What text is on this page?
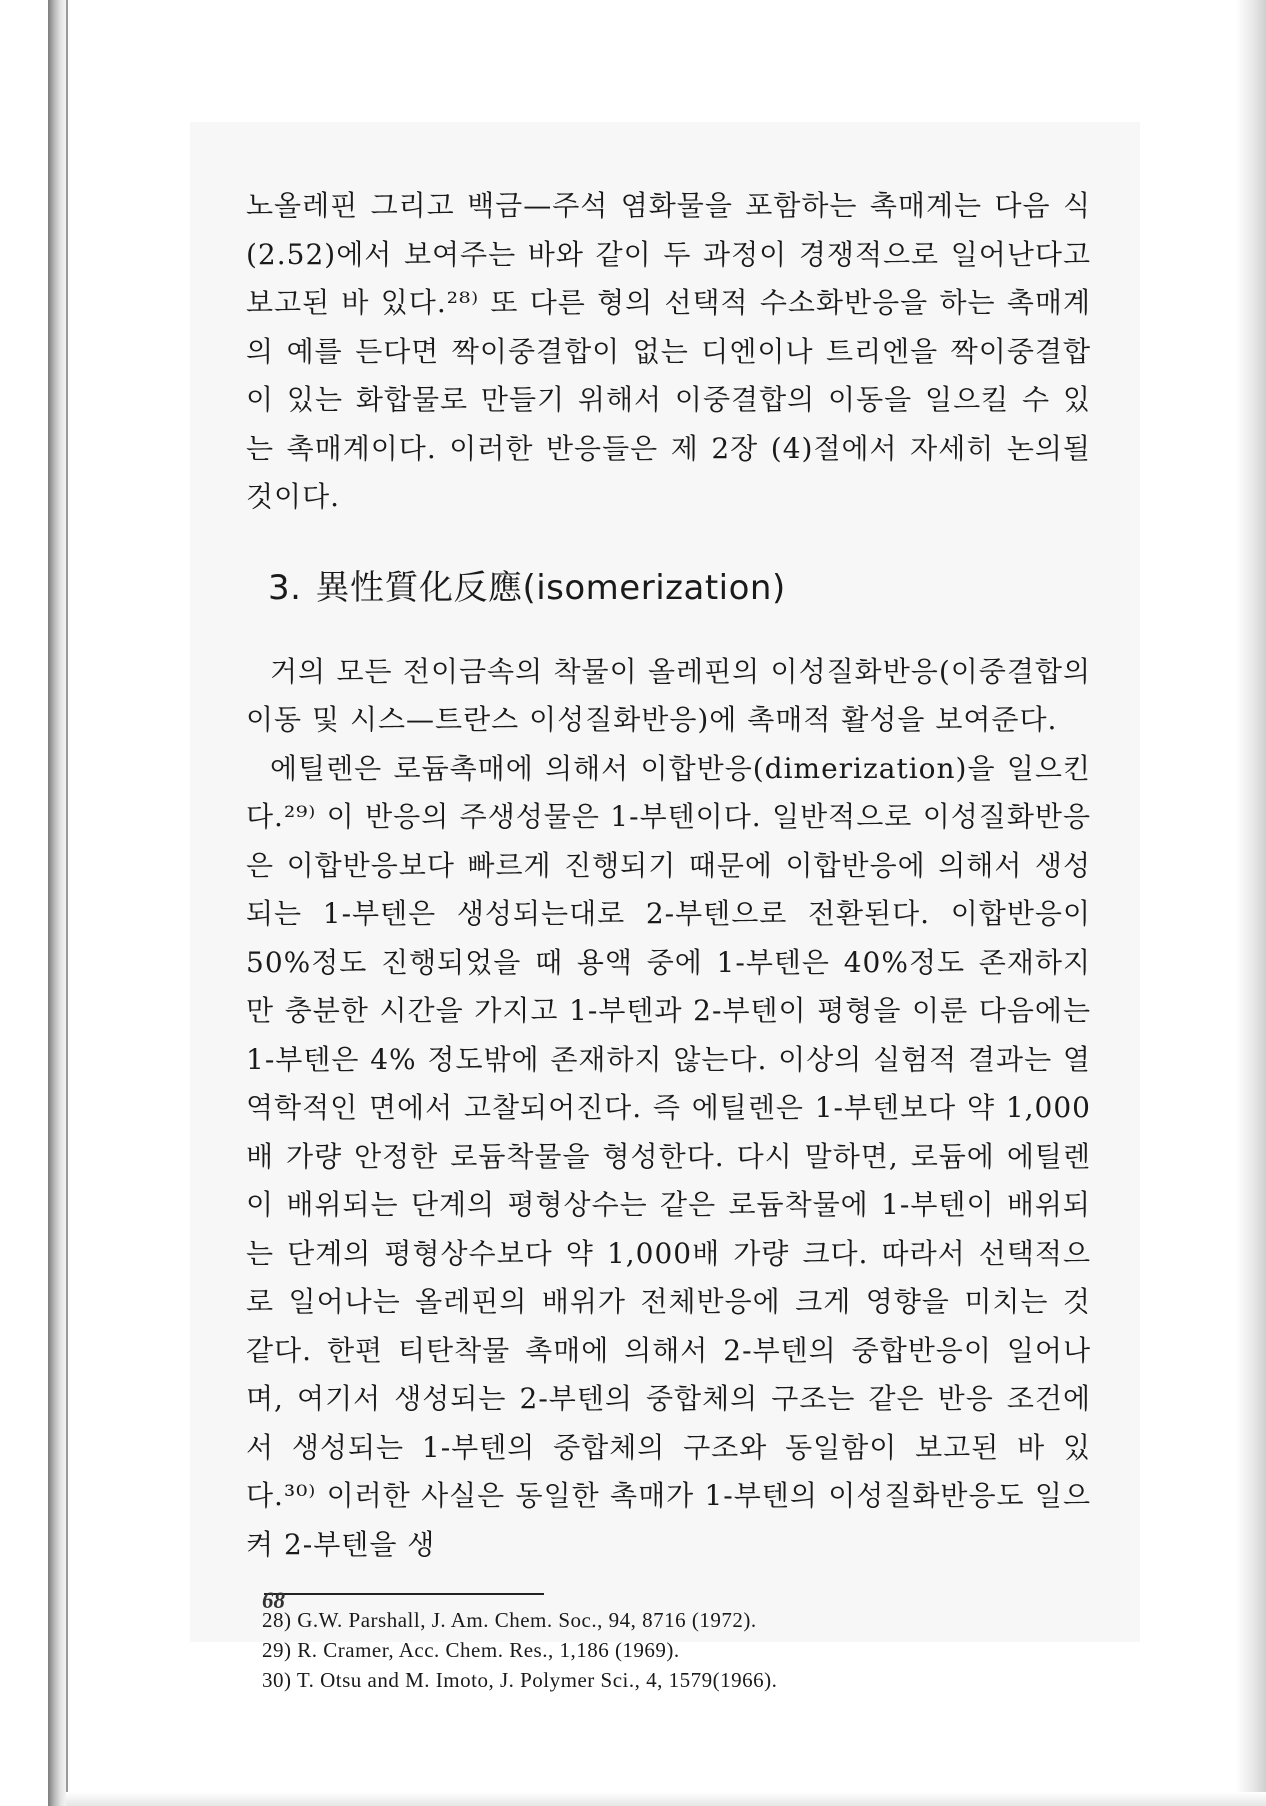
노올레핀 그리고 백금—주석 염화물을 포함하는 촉매계는 다음 식 (2.52)에서 보여주는 바와 같이 두 과정이 경쟁적으로 일어난다고 보고된 바 있다.²⁸⁾ 또 다른 형의 선택적 수소화반응을 하는 촉매계의 예를 든다면 짝이중결합이 없는 디엔이나 트리엔을 짝이중결합이 있는 화합물로 만들기 위해서 이중결합의 이동을 일으킬 수 있는 촉매계이다. 이러한 반응들은 제 2장 (4)절에서 자세히 논의될 것이다.

3. 異性質化反應(isomerization)

거의 모든 전이금속의 착물이 올레핀의 이성질화반응(이중결합의 이동 및 시스—트란스 이성질화반응)에 촉매적 활성을 보여준다.

에틸렌은 로듐촉매에 의해서 이합반응(dimerization)을 일으킨다.²⁹⁾ 이 반응의 주생성물은 1-부텐이다. 일반적으로 이성질화반응은 이합반응보다 빠르게 진행되기 때문에 이합반응에 의해서 생성되는 1-부텐은 생성되는대로 2-부텐으로 전환된다. 이합반응이 50%정도 진행되었을 때 용액 중에 1-부텐은 40%정도 존재하지만 충분한 시간을 가지고 1-부텐과 2-부텐이 평형을 이룬 다음에는 1-부텐은 4% 정도밖에 존재하지 않는다. 이상의 실험적 결과는 열역학적인 면에서 고찰되어진다. 즉 에틸렌은 1-부텐보다 약 1,000배 가량 안정한 로듐착물을 형성한다. 다시 말하면, 로듐에 에틸렌이 배위되는 단계의 평형상수는 같은 로듐착물에 1-부텐이 배위되는 단계의 평형상수보다 약 1,000배 가량 크다. 따라서 선택적으로 일어나는 올레핀의 배위가 전체반응에 크게 영향을 미치는 것 같다. 한편 티탄착물 촉매에 의해서 2-부텐의 중합반응이 일어나며, 여기서 생성되는 2-부텐의 중합체의 구조는 같은 반응 조건에서 생성되는 1-부텐의 중합체의 구조와 동일함이 보고된 바 있다.³⁰⁾ 이러한 사실은 동일한 촉매가 1-부텐의 이성질화반응도 일으켜 2-부텐을 생

28) G.W. Parshall, J. Am. Chem. Soc., 94, 8716 (1972).
29) R. Cramer, Acc. Chem. Res., 1,186 (1969).
30) T. Otsu and M. Imoto, J. Polymer Sci., 4, 1579(1966).
68
